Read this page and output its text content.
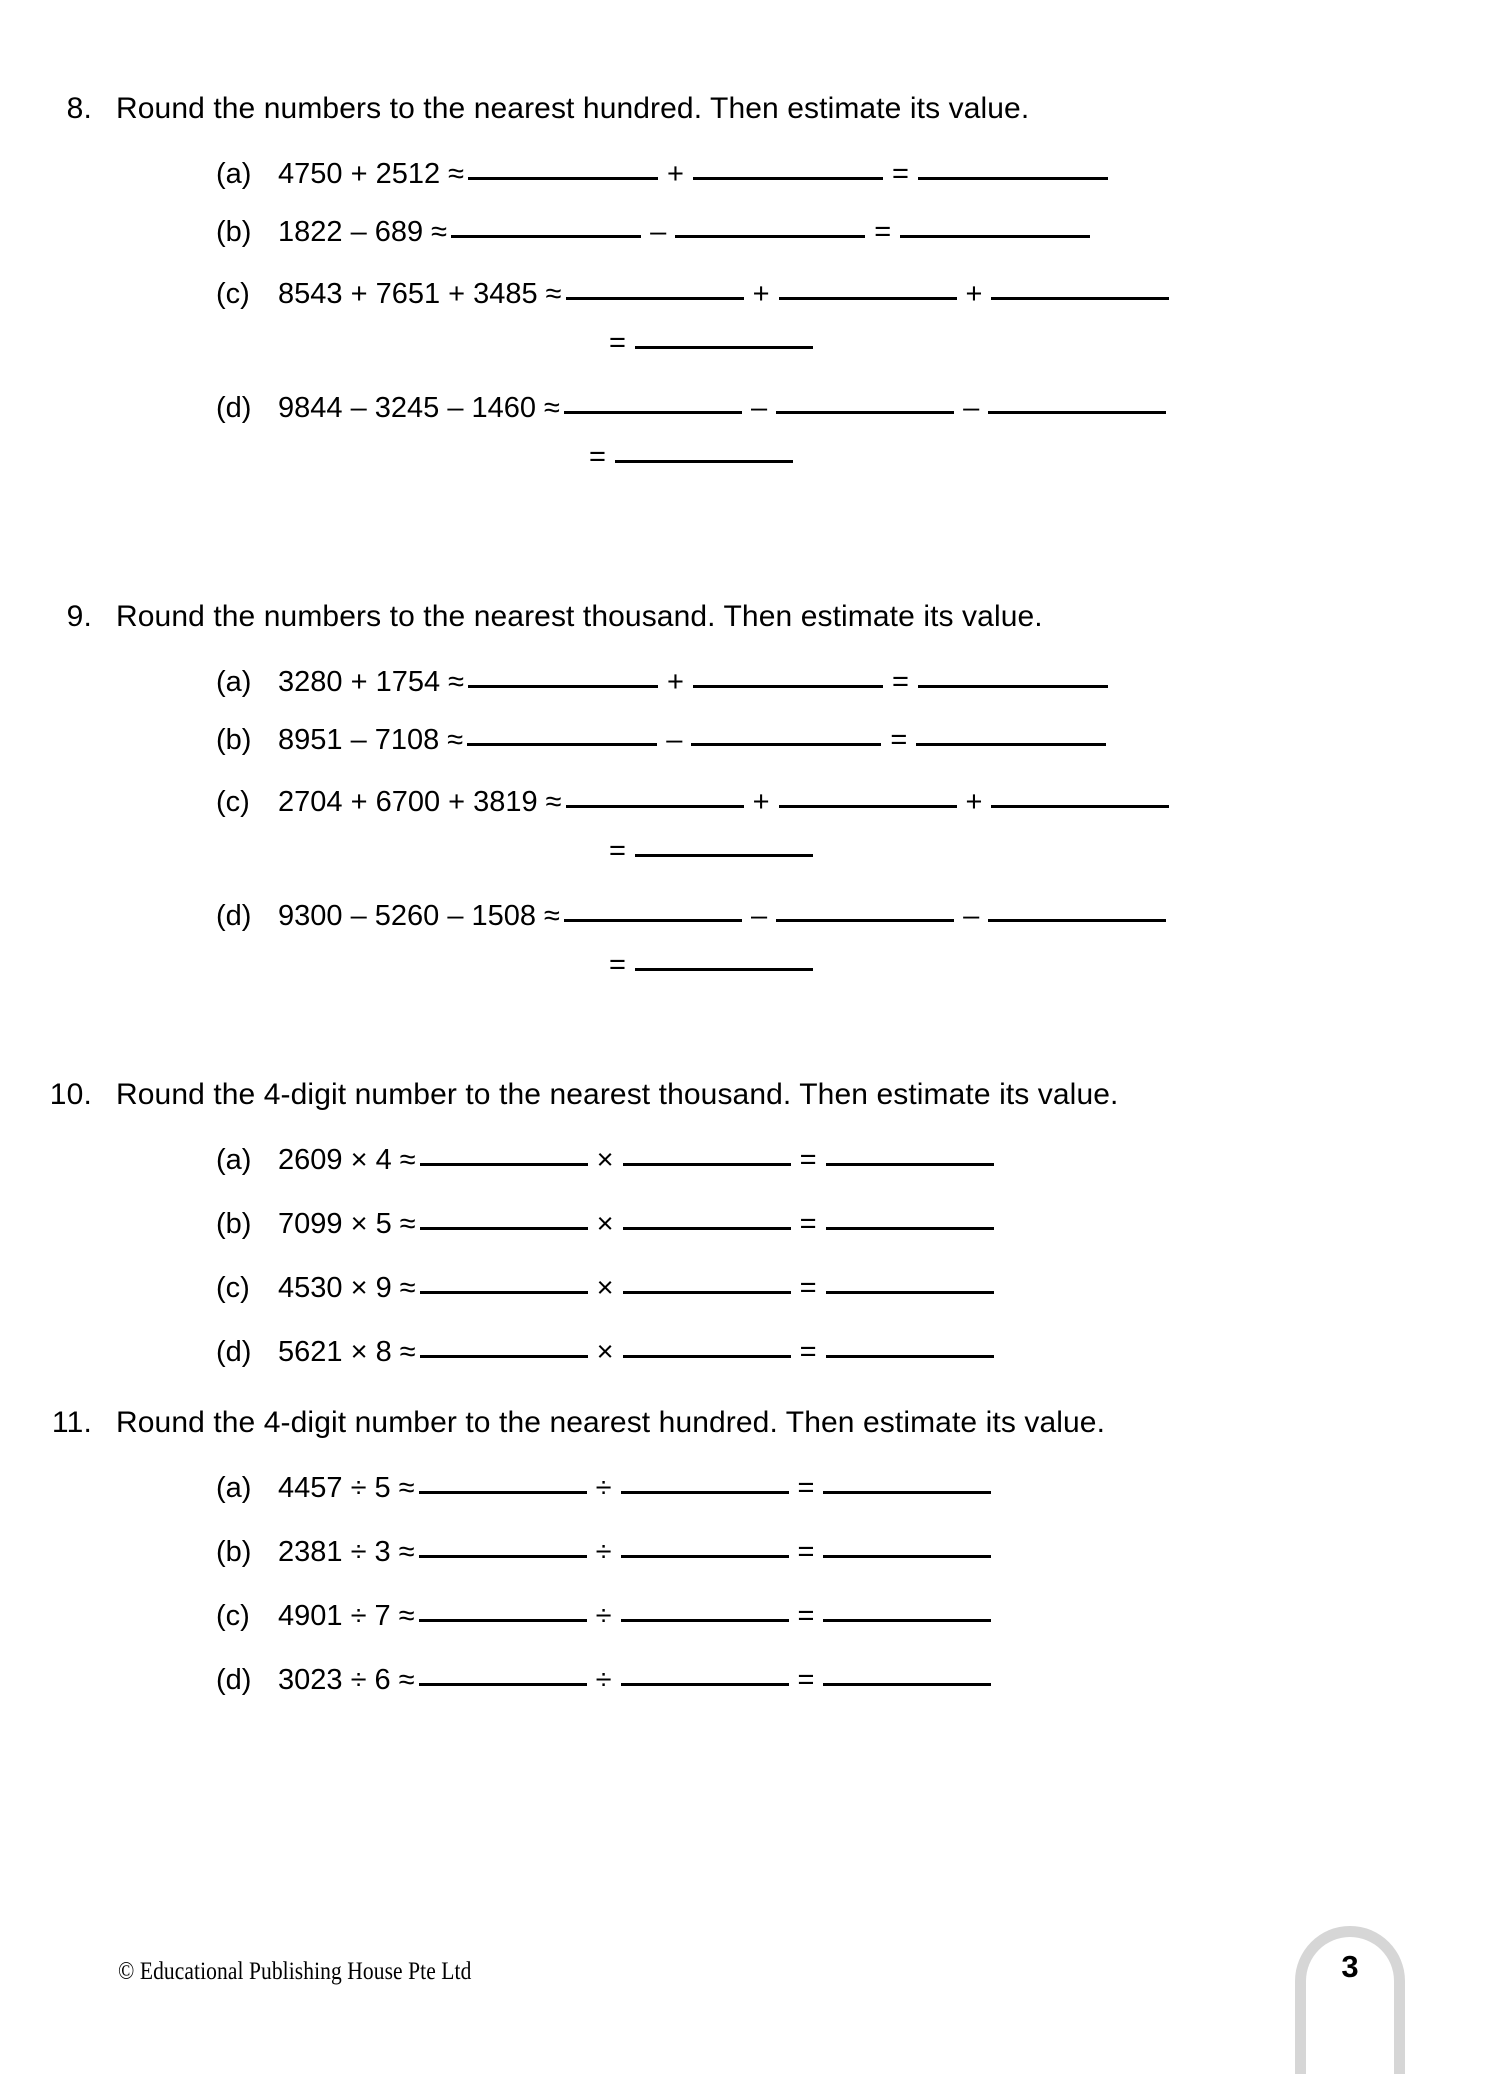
8. Round the numbers to the nearest hundred. Then estimate its value.
(a) 4750 + 2512 ≈	+	=
(b) 1822 – 689 ≈	–	=
(c) 8543 + 7651 + 3485 ≈	+	+
=
(d) 9844 – 3245 – 1460 ≈	–	–
=
9. Round the numbers to the nearest thousand. Then estimate its value.
(a) 3280 + 1754 ≈	+	=
(b) 8951 – 7108 ≈	–	=
(c) 2704 + 6700 + 3819 ≈	+	+
=
(d) 9300 – 5260 – 1508 ≈	–	–
=
10. Round the 4-digit number to the nearest thousand. Then estimate its value.
(a) 2609 × 4 ≈	×	=
(b) 7099 × 5 ≈	×	=
(c) 4530 × 9 ≈	×	=
(d) 5621 × 8 ≈	×	=
11. Round the 4-digit number to the nearest hundred. Then estimate its value.
(a) 4457 ÷ 5 ≈	÷	=
(b) 2381 ÷ 3 ≈	÷	=
(c) 4901 ÷ 7 ≈	÷	=
(d) 3023 ÷ 6 ≈	÷	=
© Educational Publishing House Pte Ltd	3
